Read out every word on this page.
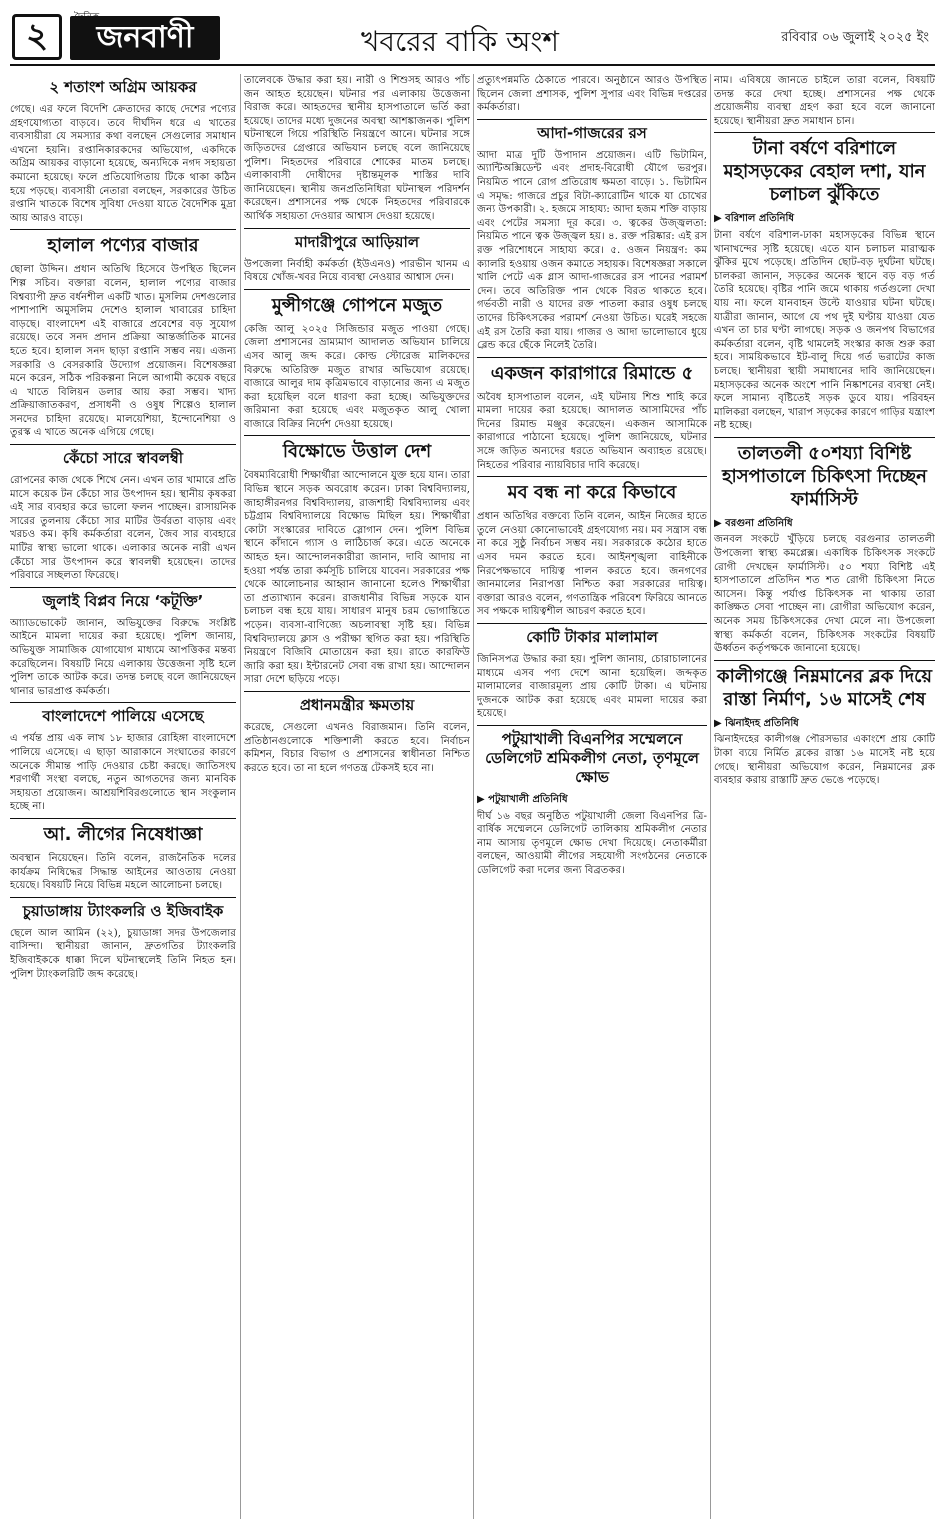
২	জনবাণী
দৈনিক
খবরের বাকি অংশ	রবিবার ০৬ জুলাই ২০২৫ ইং
২ শতাংশ অগ্রিম আয়কর
গেছে। এর ফলে বিদেশি ক্রেতাদের কাছে দেশের পণ্যের গ্রহণযোগ্যতা বাড়বে। তবে দীর্ঘদিন ধরে এ খাতের ব্যবসায়ীরা যে সমস্যার কথা বলছেন সেগুলোর সমাধান এখনো হয়নি। রপ্তানিকারকদের অভিযোগ, একদিকে অগ্রিম আয়কর বাড়ানো হয়েছে, অন্যদিকে নগদ সহায়তা কমানো হয়েছে। ফলে প্রতিযোগিতায় টিকে থাকা কঠিন হয়ে পড়ছে। ব্যবসায়ী নেতারা বলছেন, সরকারের উচিত রপ্তানি খাতকে বিশেষ সুবিধা দেওয়া যাতে বৈদেশিক মুদ্রা আয় আরও বাড়ে।
হালাল পণ্যের বাজার
ছোলা উদ্দিন। প্রধান অতিথি হিসেবে উপস্থিত ছিলেন শিল্প সচিব। বক্তারা বলেন, হালাল পণ্যের বাজার বিশ্বব্যাপী দ্রুত বর্ধনশীল একটি খাত। মুসলিম দেশগুলোর পাশাপাশি অমুসলিম দেশেও হালাল খাবারের চাহিদা বাড়ছে। বাংলাদেশ এই বাজারে প্রবেশের বড় সুযোগ রয়েছে। তবে সনদ প্রদান প্রক্রিয়া আন্তর্জাতিক মানের হতে হবে। হালাল সনদ ছাড়া রপ্তানি সম্ভব নয়। এজন্য সরকারি ও বেসরকারি উদ্যোগ প্রয়োজন। বিশেষজ্ঞরা মনে করেন, সঠিক পরিকল্পনা নিলে আগামী কয়েক বছরে এ খাতে বিলিয়ন ডলার আয় করা সম্ভব। খাদ্য প্রক্রিয়াজাতকরণ, প্রসাধনী ও ওষুধ শিল্পেও হালাল সনদের চাহিদা রয়েছে। মালয়েশিয়া, ইন্দোনেশিয়া ও তুরস্ক এ খাতে অনেক এগিয়ে গেছে।
কেঁচো সারে স্বাবলম্বী
রোপনের কাজ থেকে শিখে নেন। এখন তার খামারে প্রতি মাসে কয়েক টন কেঁচো সার উৎপাদন হয়। স্থানীয় কৃষকরা এই সার ব্যবহার করে ভালো ফলন পাচ্ছেন। রাসায়নিক সারের তুলনায় কেঁচো সার মাটির উর্বরতা বাড়ায় এবং খরচও কম। কৃষি কর্মকর্তারা বলেন, জৈব সার ব্যবহারে মাটির স্বাস্থ্য ভালো থাকে। এলাকার অনেক নারী এখন কেঁচো সার উৎপাদন করে স্বাবলম্বী হয়েছেন। তাদের পরিবারে সচ্ছলতা ফিরেছে।
জুলাই বিপ্লব নিয়ে ‘কটূক্তি’
আ্যাডভোকেট জানান, অভিযুক্তের বিরুদ্ধে সংশ্লিষ্ট আইনে মামলা দায়ের করা হয়েছে। পুলিশ জানায়, অভিযুক্ত সামাজিক যোগাযোগ মাধ্যমে আপত্তিকর মন্তব্য করেছিলেন। বিষয়টি নিয়ে এলাকায় উত্তেজনা সৃষ্টি হলে পুলিশ তাকে আটক করে। তদন্ত চলছে বলে জানিয়েছেন থানার ভারপ্রাপ্ত কর্মকর্তা।
বাংলাদেশে পালিয়ে এসেছে
এ পর্যন্ত প্রায় এক লাখ ১৮ হাজার রোহিঙ্গা বাংলাদেশে পালিয়ে এসেছে। এ ছাড়া আরাকানে সংঘাতের কারণে অনেকে সীমান্ত পাড়ি দেওয়ার চেষ্টা করছে। জাতিসংঘ শরণার্থী সংস্থা বলছে, নতুন আগতদের জন্য মানবিক সহায়তা প্রয়োজন। আশ্রয়শিবিরগুলোতে স্থান সংকুলান হচ্ছে না।
আ. লীগের নিষেধাজ্ঞা
অবস্থান নিয়েছেন। তিনি বলেন, রাজনৈতিক দলের কার্যক্রম নিষিদ্ধের সিদ্ধান্ত আইনের আওতায় নেওয়া হয়েছে। বিষয়টি নিয়ে বিভিন্ন মহলে আলোচনা চলছে।
চুয়াডাঙ্গায় ট্যাংকলরি ও ইজিবাইক
ছেলে আল আমিন (২২), চুয়াডাঙ্গা সদর উপজেলার বাসিন্দা। স্থানীয়রা জানান, দ্রুতগতির ট্যাংকলরি ইজিবাইককে ধাক্কা দিলে ঘটনাস্থলেই তিনি নিহত হন। পুলিশ ট্যাংকলরিটি জব্দ করেছে।
তালেবকে উদ্ধার করা হয়। নারী ও শিশুসহ আরও পাঁচ জন আহত হয়েছেন। ঘটনার পর এলাকায় উত্তেজনা বিরাজ করে। আহতদের স্থানীয় হাসপাতালে ভর্তি করা হয়েছে। তাদের মধ্যে দুজনের অবস্থা আশঙ্কাজনক। পুলিশ ঘটনাস্থলে গিয়ে পরিস্থিতি নিয়ন্ত্রণে আনে। ঘটনার সঙ্গে জড়িতদের গ্রেপ্তারে অভিযান চলছে বলে জানিয়েছে পুলিশ। নিহতদের পরিবারে শোকের মাতম চলছে। এলাকাবাসী দোষীদের দৃষ্টান্তমূলক শাস্তির দাবি জানিয়েছেন। স্থানীয় জনপ্রতিনিধিরা ঘটনাস্থল পরিদর্শন করেছেন। প্রশাসনের পক্ষ থেকে নিহতদের পরিবারকে আর্থিক সহায়তা দেওয়ার আশ্বাস দেওয়া হয়েছে।
মাদারীপুরে আড়িয়াল
উপজেলা নির্বাহী কর্মকর্তা (ইউএনও) পারভীন খানম এ বিষয়ে খোঁজ-খবর নিয়ে ব্যবস্থা নেওয়ার আশ্বাস দেন।
মুন্সীগঞ্জে গোপনে মজুত
কেজি আলু ২০২৫ সিজিন্ডার মজুত পাওয়া গেছে। জেলা প্রশাসনের ভ্রাম্যমাণ আদালত অভিযান চালিয়ে এসব আলু জব্দ করে। কোল্ড স্টোরেজ মালিকদের বিরুদ্ধে অতিরিক্ত মজুত রাখার অভিযোগ রয়েছে। বাজারে আলুর দাম কৃত্রিমভাবে বাড়ানোর জন্য এ মজুত করা হয়েছিল বলে ধারণা করা হচ্ছে। অভিযুক্তদের জরিমানা করা হয়েছে এবং মজুতকৃত আলু খোলা বাজারে বিক্রির নির্দেশ দেওয়া হয়েছে।
বিক্ষোভে উত্তাল দেশ
বৈষম্যবিরোধী শিক্ষার্থীরা আন্দোলনে যুক্ত হয়ে যান। তারা বিভিন্ন স্থানে সড়ক অবরোধ করেন। ঢাকা বিশ্ববিদ্যালয়, জাহাঙ্গীরনগর বিশ্ববিদ্যালয়, রাজশাহী বিশ্ববিদ্যালয় এবং চট্টগ্রাম বিশ্ববিদ্যালয়ে বিক্ষোভ মিছিল হয়। শিক্ষার্থীরা কোটা সংস্কারের দাবিতে স্লোগান দেন। পুলিশ বিভিন্ন স্থানে কাঁদানে গ্যাস ও লাঠিচার্জ করে। এতে অনেকে আহত হন। আন্দোলনকারীরা জানান, দাবি আদায় না হওয়া পর্যন্ত তারা কর্মসূচি চালিয়ে যাবেন। সরকারের পক্ষ থেকে আলোচনার আহ্বান জানানো হলেও শিক্ষার্থীরা তা প্রত্যাখ্যান করেন। রাজধানীর বিভিন্ন সড়কে যান চলাচল বন্ধ হয়ে যায়। সাধারণ মানুষ চরম ভোগান্তিতে পড়েন। ব্যবসা-বাণিজ্যে অচলাবস্থা সৃষ্টি হয়। বিভিন্ন বিশ্ববিদ্যালয়ে ক্লাস ও পরীক্ষা স্থগিত করা হয়। পরিস্থিতি নিয়ন্ত্রণে বিজিবি মোতায়েন করা হয়। রাতে কারফিউ জারি করা হয়। ইন্টারনেট সেবা বন্ধ রাখা হয়। আন্দোলন সারা দেশে ছড়িয়ে পড়ে।
প্রধানমন্ত্রীর ক্ষমতায়
করেছে, সেগুলো এখনও বিরাজমান। তিনি বলেন, প্রতিষ্ঠানগুলোকে শক্তিশালী করতে হবে। নির্বাচন কমিশন, বিচার বিভাগ ও প্রশাসনের স্বাধীনতা নিশ্চিত করতে হবে। তা না হলে গণতন্ত্র টেকসই হবে না।
প্রত্যুৎপন্নমতি ঠেকাতে পারবে। অনুষ্ঠানে আরও উপস্থিত ছিলেন জেলা প্রশাসক, পুলিশ সুপার এবং বিভিন্ন দপ্তরের কর্মকর্তারা।
আদা-গাজরের রস
আদা মাত্র দুটি উপাদান প্রয়োজন। এটি ভিটামিন, অ্যান্টিঅক্সিডেন্ট এবং প্রদাহ-বিরোধী যৌগে ভরপুর। নিয়মিত পানে রোগ প্রতিরোধ ক্ষমতা বাড়ে। ১. ভিটামিন এ সমৃদ্ধ: গাজরে প্রচুর বিটা-ক্যারোটিন থাকে যা চোখের জন্য উপকারী। ২. হজমে সাহায্য: আদা হজম শক্তি বাড়ায় এবং পেটের সমস্যা দূর করে। ৩. ত্বকের উজ্জ্বলতা: নিয়মিত পানে ত্বক উজ্জ্বল হয়। ৪. রক্ত পরিষ্কার: এই রস রক্ত পরিশোধনে সাহায্য করে। ৫. ওজন নিয়ন্ত্রণ: কম ক্যালরি হওয়ায় ওজন কমাতে সহায়ক। বিশেষজ্ঞরা সকালে খালি পেটে এক গ্লাস আদা-গাজরের রস পানের পরামর্শ দেন। তবে অতিরিক্ত পান থেকে বিরত থাকতে হবে। গর্ভবতী নারী ও যাদের রক্ত পাতলা করার ওষুধ চলছে তাদের চিকিৎসকের পরামর্শ নেওয়া উচিত। ঘরেই সহজে এই রস তৈরি করা যায়। গাজর ও আদা ভালোভাবে ধুয়ে ব্লেন্ড করে ছেঁকে নিলেই তৈরি।
একজন কারাগারে রিমান্ডে ৫
অবৈধ হাসপাতাল বলেন, এই ঘটনায় শিশু শাহি করে মামলা দায়ের করা হয়েছে। আদালত আসামিদের পাঁচ দিনের রিমান্ড মঞ্জুর করেছেন। একজন আসামিকে কারাগারে পাঠানো হয়েছে। পুলিশ জানিয়েছে, ঘটনার সঙ্গে জড়িত অন্যদের ধরতে অভিযান অব্যাহত রয়েছে। নিহতের পরিবার ন্যায়বিচার দাবি করেছে।
মব বন্ধ না করে কিভাবে
প্রধান অতিথির বক্তব্যে তিনি বলেন, আইন নিজের হাতে তুলে নেওয়া কোনোভাবেই গ্রহণযোগ্য নয়। মব সন্ত্রাস বন্ধ না করে সুষ্ঠু নির্বাচন সম্ভব নয়। সরকারকে কঠোর হাতে এসব দমন করতে হবে। আইনশৃঙ্খলা বাহিনীকে নিরপেক্ষভাবে দায়িত্ব পালন করতে হবে। জনগণের জানমালের নিরাপত্তা নিশ্চিত করা সরকারের দায়িত্ব। বক্তারা আরও বলেন, গণতান্ত্রিক পরিবেশ ফিরিয়ে আনতে সব পক্ষকে দায়িত্বশীল আচরণ করতে হবে।
কোটি টাকার মালামাল
জিনিসপত্র উদ্ধার করা হয়। পুলিশ জানায়, চোরাচালানের মাধ্যমে এসব পণ্য দেশে আনা হয়েছিল। জব্দকৃত মালামালের বাজারমূল্য প্রায় কোটি টাকা। এ ঘটনায় দুজনকে আটক করা হয়েছে এবং মামলা দায়ের করা হয়েছে।
পটুয়াখালী বিএনপির সম্মেলনে ডেলিগেট শ্রমিকলীগ নেতা, তৃণমূলে ক্ষোভ
▶ পটুয়াখালী প্রতিনিধি
দীর্ঘ ১৬ বছর অনুষ্ঠিত পটুয়াখালী জেলা বিএনপির ত্রি-বার্ষিক সম্মেলনে ডেলিগেট তালিকায় শ্রমিকলীগ নেতার নাম আসায় তৃণমূলে ক্ষোভ দেখা দিয়েছে। নেতাকর্মীরা বলছেন, আওয়ামী লীগের সহযোগী সংগঠনের নেতাকে ডেলিগেট করা দলের জন্য বিব্রতকর।
নাম। এবিষয়ে জানতে চাইলে তারা বলেন, বিষয়টি তদন্ত করে দেখা হচ্ছে। প্রশাসনের পক্ষ থেকে প্রয়োজনীয় ব্যবস্থা গ্রহণ করা হবে বলে জানানো হয়েছে। স্থানীয়রা দ্রুত সমাধান চান।
টানা বর্ষণে বরিশালে মহাসড়কের বেহাল দশা, যান চলাচল ঝুঁকিতে
▶ বরিশাল প্রতিনিধি
টানা বর্ষণে বরিশাল-ঢাকা মহাসড়কের বিভিন্ন স্থানে খানাখন্দের সৃষ্টি হয়েছে। এতে যান চলাচল মারাত্মক ঝুঁকির মুখে পড়েছে। প্রতিদিন ছোট-বড় দুর্ঘটনা ঘটছে। চালকরা জানান, সড়কের অনেক স্থানে বড় বড় গর্ত তৈরি হয়েছে। বৃষ্টির পানি জমে থাকায় গর্তগুলো দেখা যায় না। ফলে যানবাহন উল্টে যাওয়ার ঘটনা ঘটছে। যাত্রীরা জানান, আগে যে পথ দুই ঘণ্টায় যাওয়া যেত এখন তা চার ঘণ্টা লাগছে। সড়ক ও জনপথ বিভাগের কর্মকর্তারা বলেন, বৃষ্টি থামলেই সংস্কার কাজ শুরু করা হবে। সাময়িকভাবে ইট-বালু দিয়ে গর্ত ভরাটের কাজ চলছে। স্থানীয়রা স্থায়ী সমাধানের দাবি জানিয়েছেন। মহাসড়কের অনেক অংশে পানি নিষ্কাশনের ব্যবস্থা নেই। ফলে সামান্য বৃষ্টিতেই সড়ক ডুবে যায়। পরিবহন মালিকরা বলছেন, খারাপ সড়কের কারণে গাড়ির যন্ত্রাংশ নষ্ট হচ্ছে।
তালতলী ৫০শয্যা বিশিষ্ট হাসপাতালে চিকিৎসা দিচ্ছেন ফার্মাসিস্ট
▶ বরগুনা প্রতিনিধি
জনবল সংকটে খুঁড়িয়ে চলছে বরগুনার তালতলী উপজেলা স্বাস্থ্য কমপ্লেক্স। একাধিক চিকিৎসক সংকটে রোগী দেখছেন ফার্মাসিস্ট। ৫০ শয্যা বিশিষ্ট এই হাসপাতালে প্রতিদিন শত শত রোগী চিকিৎসা নিতে আসেন। কিন্তু পর্যাপ্ত চিকিৎসক না থাকায় তারা কাঙ্ক্ষিত সেবা পাচ্ছেন না। রোগীরা অভিযোগ করেন, অনেক সময় চিকিৎসকের দেখা মেলে না। উপজেলা স্বাস্থ্য কর্মকর্তা বলেন, চিকিৎসক সংকটের বিষয়টি ঊর্ধ্বতন কর্তৃপক্ষকে জানানো হয়েছে।
কালীগঞ্জে নিম্নমানের ব্লক দিয়ে রাস্তা নির্মাণ, ১৬ মাসেই শেষ
▶ ঝিনাইদহ প্রতিনিধি
ঝিনাইদহের কালীগঞ্জ পৌরসভার একাংশে প্রায় কোটি টাকা ব্যয়ে নির্মিত ব্লকের রাস্তা ১৬ মাসেই নষ্ট হয়ে গেছে। স্থানীয়রা অভিযোগ করেন, নিম্নমানের ব্লক ব্যবহার করায় রাস্তাটি দ্রুত ভেঙে পড়েছে।
